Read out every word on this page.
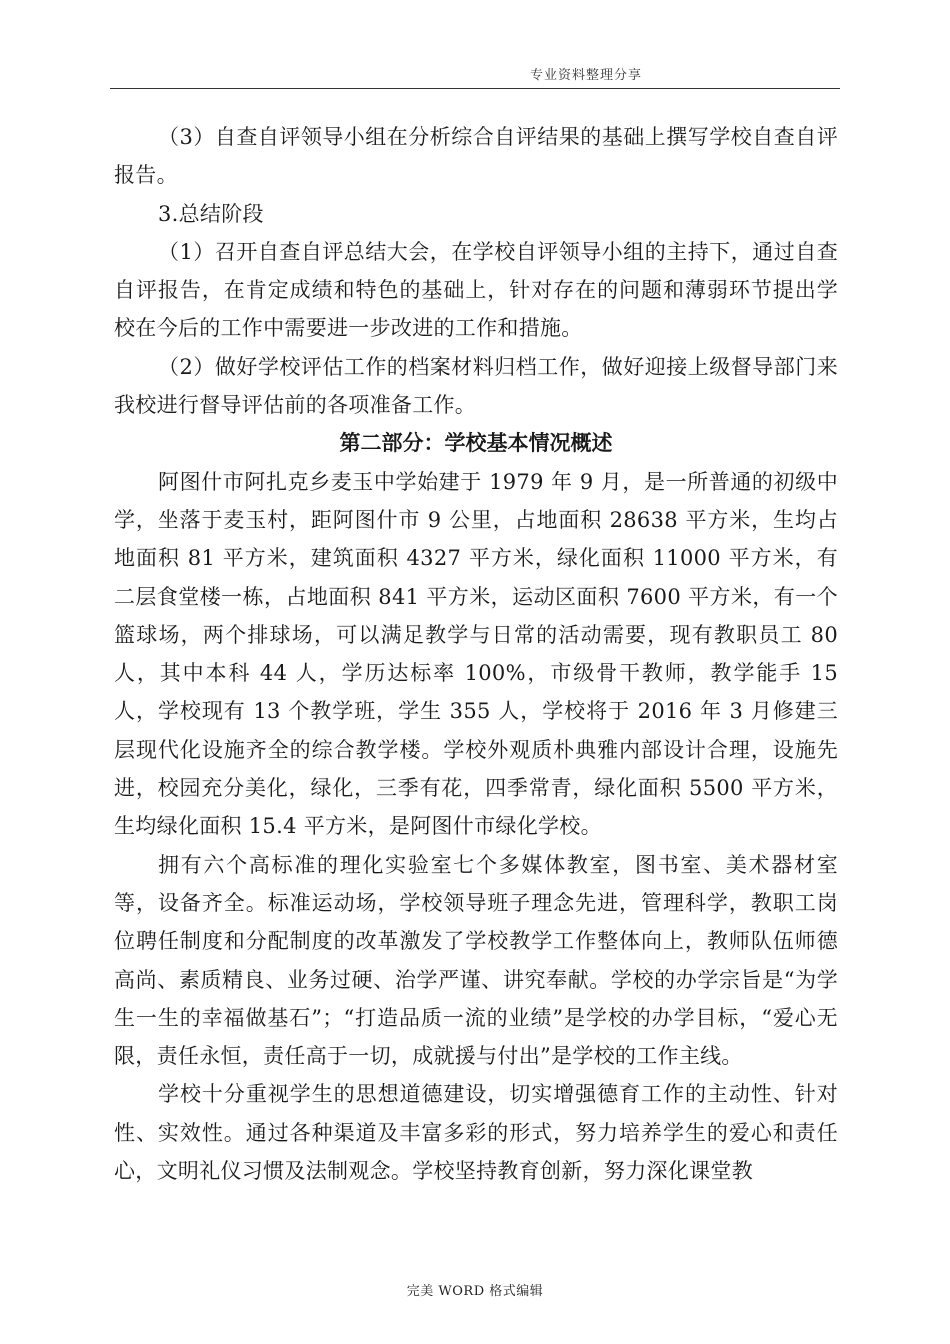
专业资料整理分享

（3）自查自评领导小组在分析综合自评结果的基础上撰写学校自查自评报告。

3.总结阶段

（1）召开自查自评总结大会，在学校自评领导小组的主持下，通过自查自评报告，在肯定成绩和特色的基础上，针对存在的问题和薄弱环节提出学校在今后的工作中需要进一步改进的工作和措施。

（2）做好学校评估工作的档案材料归档工作，做好迎接上级督导部门来我校进行督导评估前的各项准备工作。

第二部分：学校基本情况概述

阿图什市阿扎克乡麦玉中学始建于 1979 年 9 月，是一所普通的初级中学，坐落于麦玉村，距阿图什市 9 公里，占地面积 28638 平方米，生均占地面积 81 平方米，建筑面积 4327 平方米，绿化面积 11000 平方米，有二层食堂楼一栋，占地面积 841 平方米，运动区面积 7600 平方米，有一个篮球场，两个排球场，可以满足教学与日常的活动需要，现有教职员工 80 人，其中本科 44 人，学历达标率 100%，市级骨干教师，教学能手 15 人，学校现有 13 个教学班，学生 355 人，学校将于 2016 年 3 月修建三层现代化设施齐全的综合教学楼。学校外观质朴典雅内部设计合理，设施先进，校园充分美化，绿化，三季有花，四季常青，绿化面积 5500 平方米，生均绿化面积 15.4 平方米，是阿图什市绿化学校。

拥有六个高标准的理化实验室七个多媒体教室，图书室、美术器材室等，设备齐全。标准运动场，学校领导班子理念先进，管理科学，教职工岗位聘任制度和分配制度的改革激发了学校教学工作整体向上，教师队伍师德高尚、素质精良、业务过硬、治学严谨、讲究奉献。学校的办学宗旨是“为学生一生的幸福做基石”；“打造品质一流的业绩”是学校的办学目标，“爱心无限，责任永恒，责任高于一切，成就援与付出”是学校的工作主线。

学校十分重视学生的思想道德建设，切实增强德育工作的主动性、针对性、实效性。通过各种渠道及丰富多彩的形式，努力培养学生的爱心和责任心，文明礼仪习惯及法制观念。学校坚持教育创新，努力深化课堂教

完美 WORD 格式编辑
